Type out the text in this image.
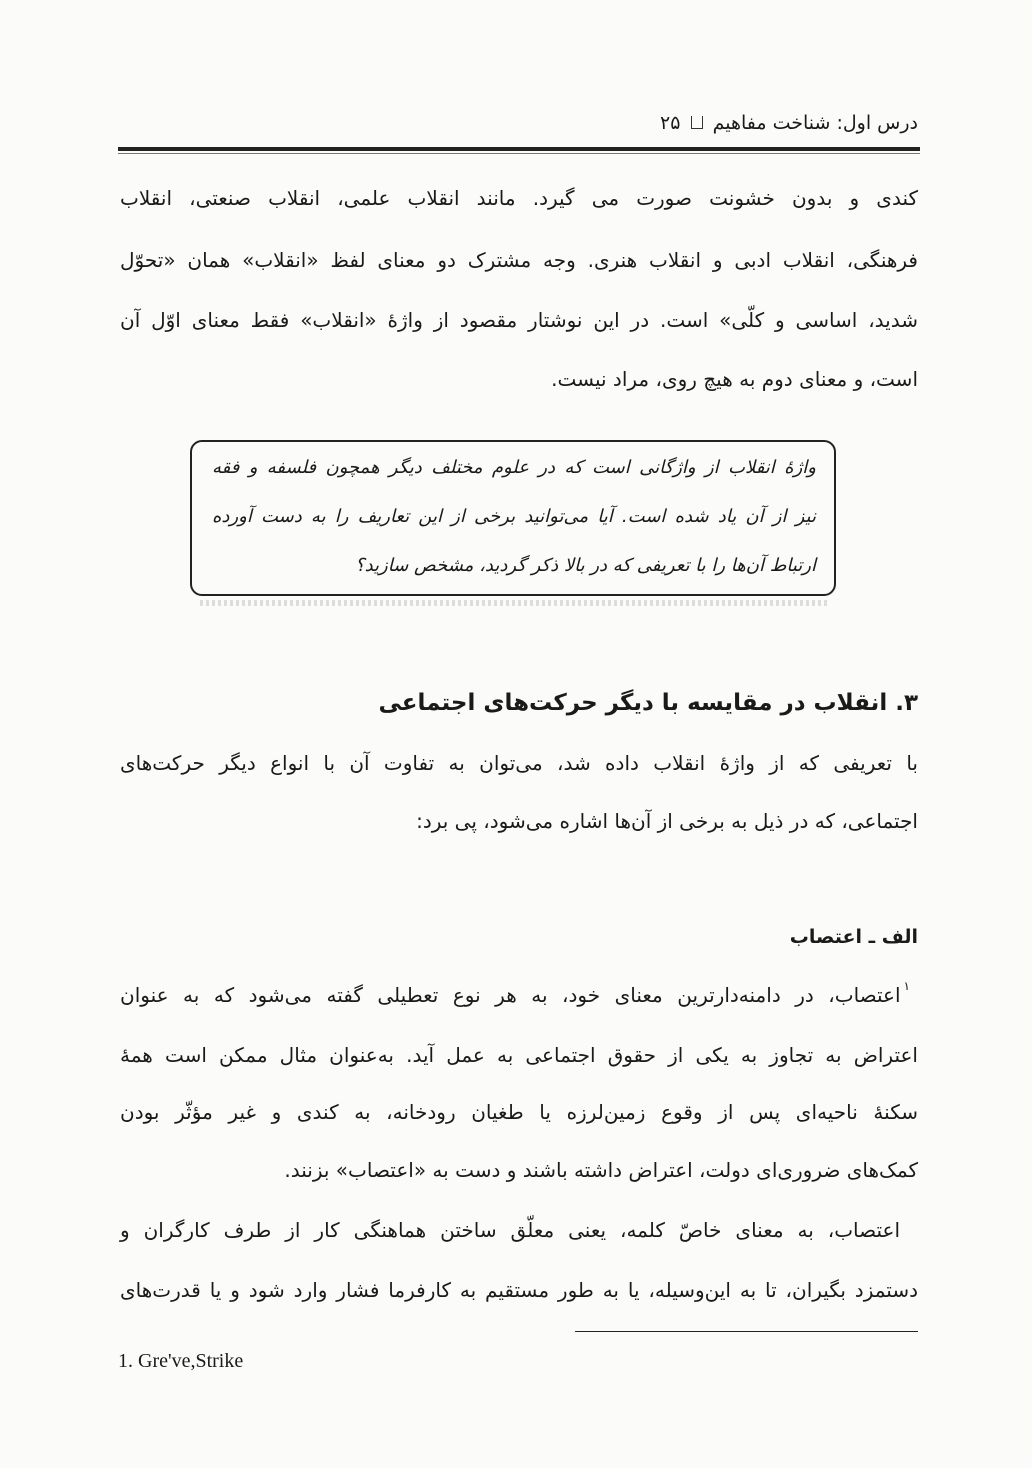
درس اول: شناخت مفاهیم  ۲۵
کندی و بدون خشونت صورت می گیرد. مانند انقلاب علمی، انقلاب صنعتی، انقلاب
فرهنگی، انقلاب ادبی و انقلاب هنری. وجه مشترک دو معنای لفظ «انقلاب» همان «تحوّل
شدید، اساسی و کلّی» است. در این نوشتار مقصود از واژهٔ «انقلاب» فقط معنای اوّل آن
است، و معنای دوم به هیچ روی، مراد نیست.
واژهٔ انقلاب از واژگانی است که در علوم مختلف دیگر همچون فلسفه و فقه
نیز از آن یاد شده است. آیا می‌توانید برخی از این تعاریف را به دست آورده
ارتباط آن‌ها را با تعریفی که در بالا ذکر گردید، مشخص سازید؟
۳. انقلاب در مقایسه با دیگر حرکت‌های اجتماعی
با تعریفی که از واژهٔ انقلاب داده شد، می‌توان به تفاوت آن با انواع دیگر حرکت‌های
اجتماعی، که در ذیل به برخی از آن‌ها اشاره می‌شود، پی برد:
الف ـ اعتصاب
$^۱$اعتصاب، در دامنه‌دارترین معنای خود، به هر نوع تعطیلی گفته می‌شود که به عنوان
اعتراض به تجاوز به یکی از حقوق اجتماعی به عمل آید. به‌عنوان مثال ممکن است همهٔ
سکنهٔ ناحیه‌ای پس از وقوع زمین‌لرزه یا طغیان رودخانه، به کندی و غیر مؤثّر بودن
کمک‌های ضروری‌ای دولت، اعتراض داشته باشند و دست به «اعتصاب» بزنند.
اعتصاب، به معنای خاصّ کلمه، یعنی معلّق ساختن هماهنگی کار از طرف کارگران و
دستمزد بگیران، تا به این‌وسیله، یا به طور مستقیم به کارفرما فشار وارد شود و یا قدرت‌های
1. Gre've,Strike
